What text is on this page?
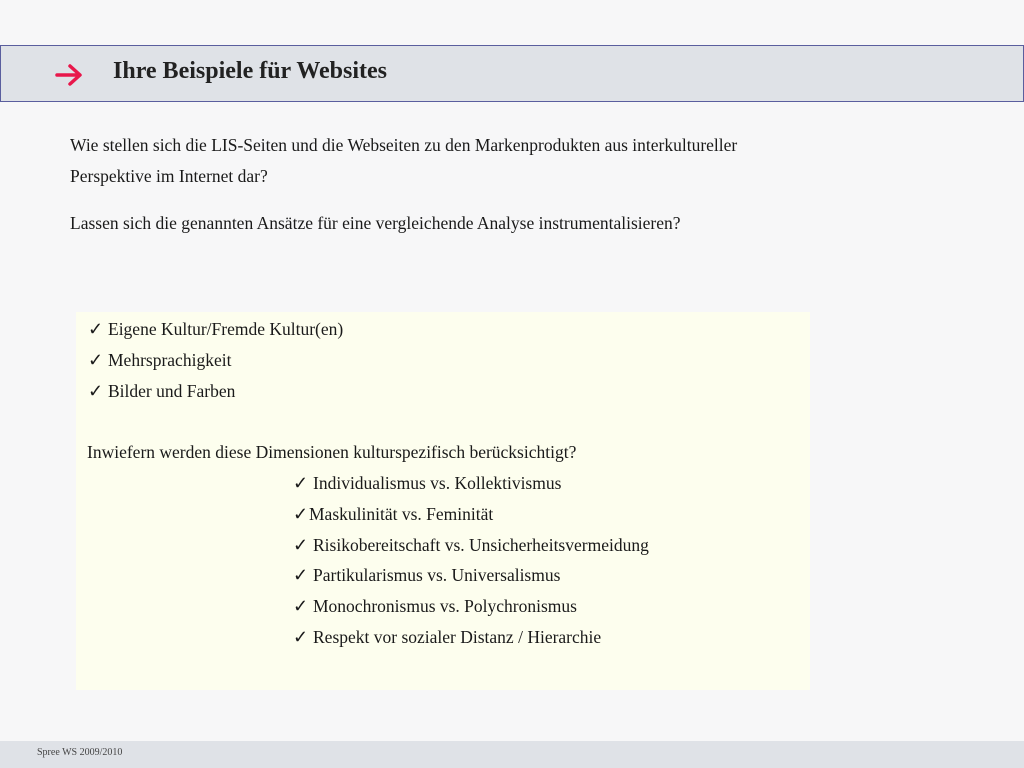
Ihre Beispiele für Websites

Wie stellen sich die LIS-Seiten und die Webseiten zu den Markenprodukten aus interkultureller
Perspektive im Internet dar?

Lassen sich die genannten Ansätze für eine vergleichende Analyse instrumentalisieren?

✓ Eigene Kultur/Fremde Kultur(en)
✓ Mehrsprachigkeit
✓ Bilder und Farben
Inwiefern werden diese Dimensionen kulturspezifisch berücksichtigt?
✓ Individualismus vs. Kollektivismus
✓Maskulinität vs. Feminität
✓ Risikobereitschaft vs. Unsicherheitsvermeidung
✓ Partikularismus vs. Universalismus
✓ Monochronismus vs. Polychronismus
✓ Respekt vor sozialer Distanz / Hierarchie
Spree WS 2009/2010
